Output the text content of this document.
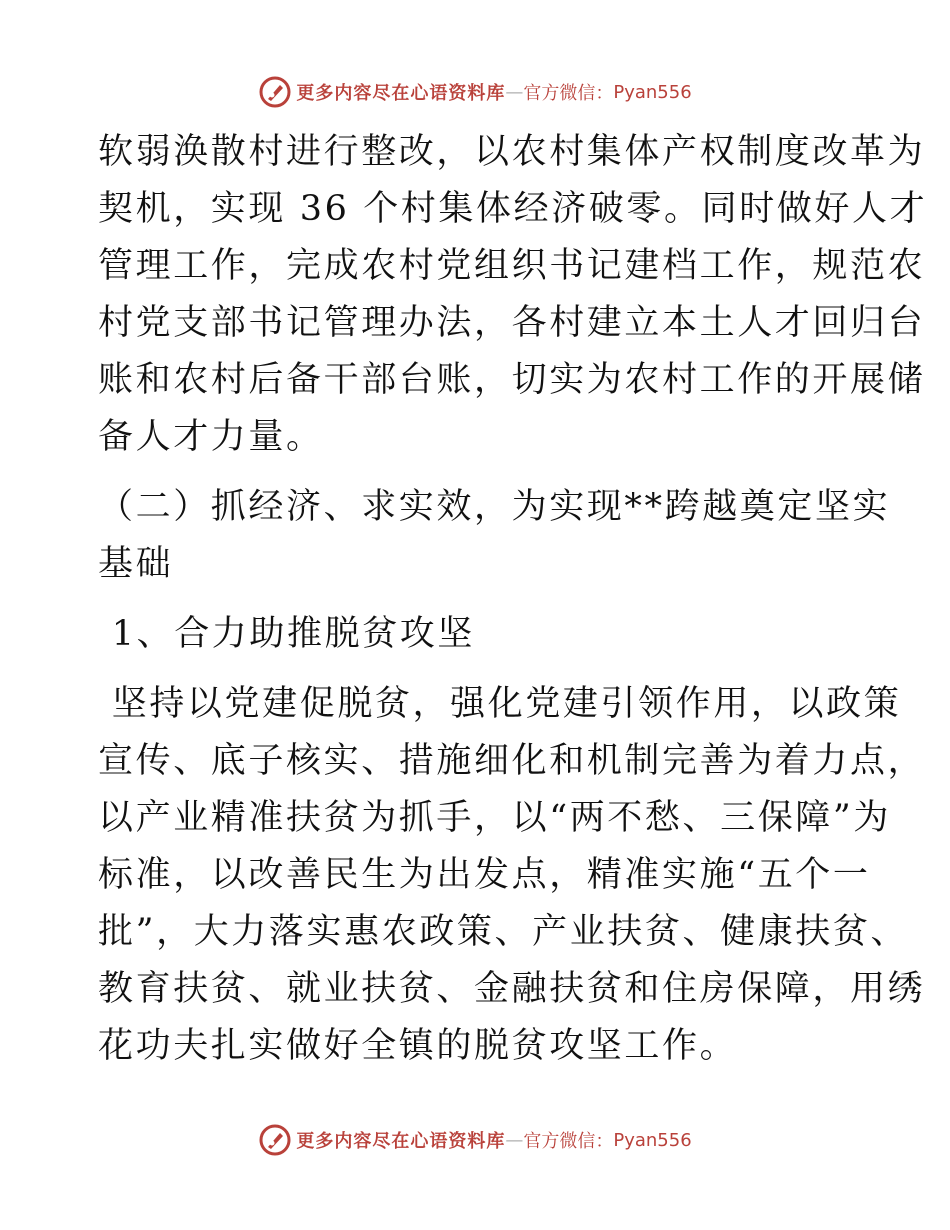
更多内容尽在心语资料库 — 官方微信： Pyan556
软弱涣散村进行整改，以农村集体产权制度改革为
契机，实现 36 个村集体经济破零。同时做好人才
管理工作，完成农村党组织书记建档工作，规范农
村党支部书记管理办法，各村建立本土人才回归台
账和农村后备干部台账，切实为农村工作的开展储
备人才力量。
（二）抓经济、求实效，为实现**跨越奠定坚实
基础
1、合力助推脱贫攻坚
坚持以党建促脱贫，强化党建引领作用，以政策
宣传、底子核实、措施细化和机制完善为着力点，
以产业精准扶贫为抓手，以“两不愁、三保障”为
标准，以改善民生为出发点，精准实施“五个一
批”，大力落实惠农政策、产业扶贫、健康扶贫、
教育扶贫、就业扶贫、金融扶贫和住房保障，用绣
花功夫扎实做好全镇的脱贫攻坚工作。
更多内容尽在心语资料库 — 官方微信： Pyan556
